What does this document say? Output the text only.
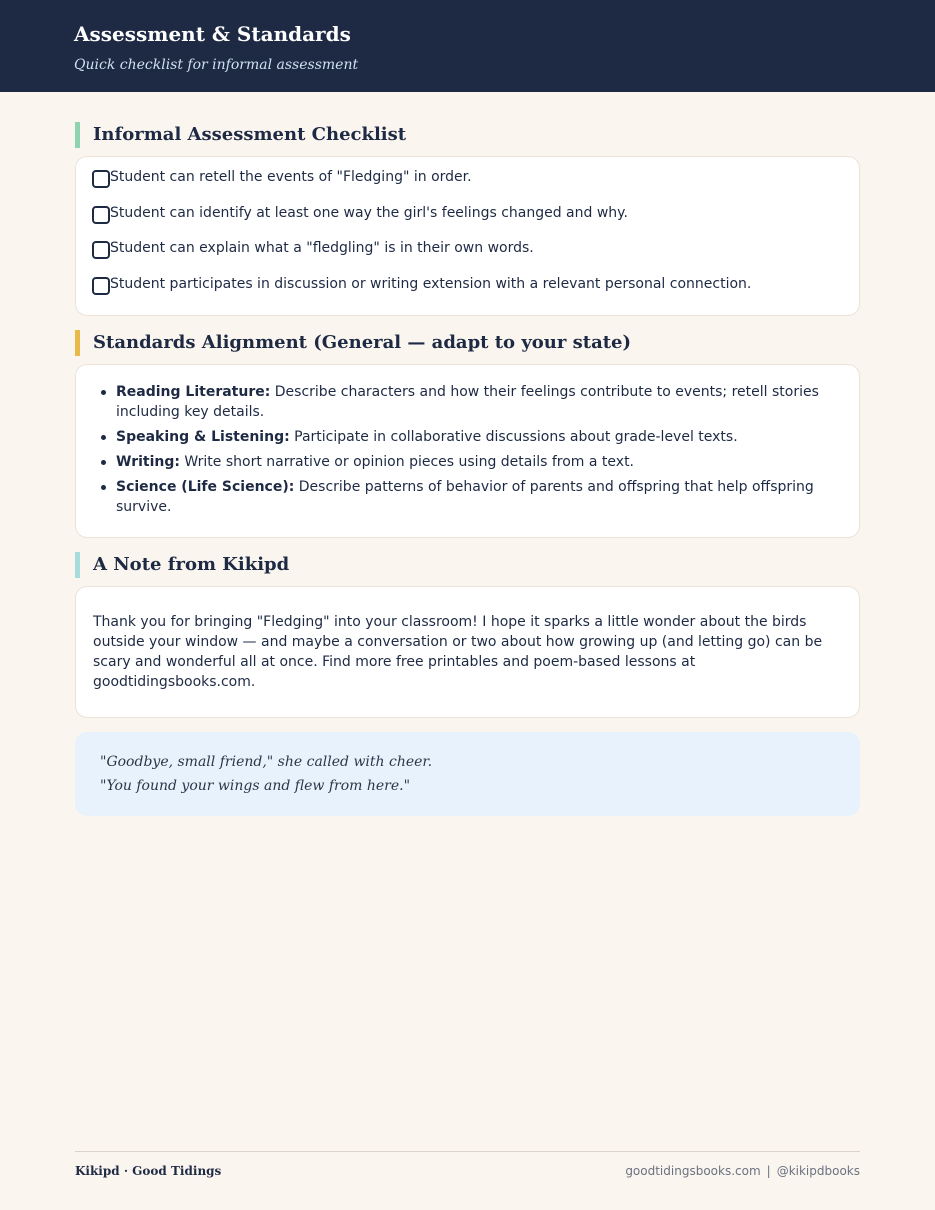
Assessment & Standards
Quick checklist for informal assessment
Informal Assessment Checklist
Student can retell the events of "Fledging" in order.
Student can identify at least one way the girl's feelings changed and why.
Student can explain what a "fledgling" is in their own words.
Student participates in discussion or writing extension with a relevant personal connection.
Standards Alignment (General — adapt to your state)
Reading Literature: Describe characters and how their feelings contribute to events; retell stories including key details.
Speaking & Listening: Participate in collaborative discussions about grade-level texts.
Writing: Write short narrative or opinion pieces using details from a text.
Science (Life Science): Describe patterns of behavior of parents and offspring that help offspring survive.
A Note from Kikipd

Thank you for bringing "Fledging" into your classroom! I hope it sparks a little wonder about the birds outside your window — and maybe a conversation or two about how growing up (and letting go) can be scary and wonderful all at once. Find more free printables and poem-based lessons at goodtidingsbooks.com.

"Goodbye, small friend," she called with cheer.
"You found your wings and flew from here."
Kikipd · Good Tidings	goodtidingsbooks.com | @kikipdbooks
